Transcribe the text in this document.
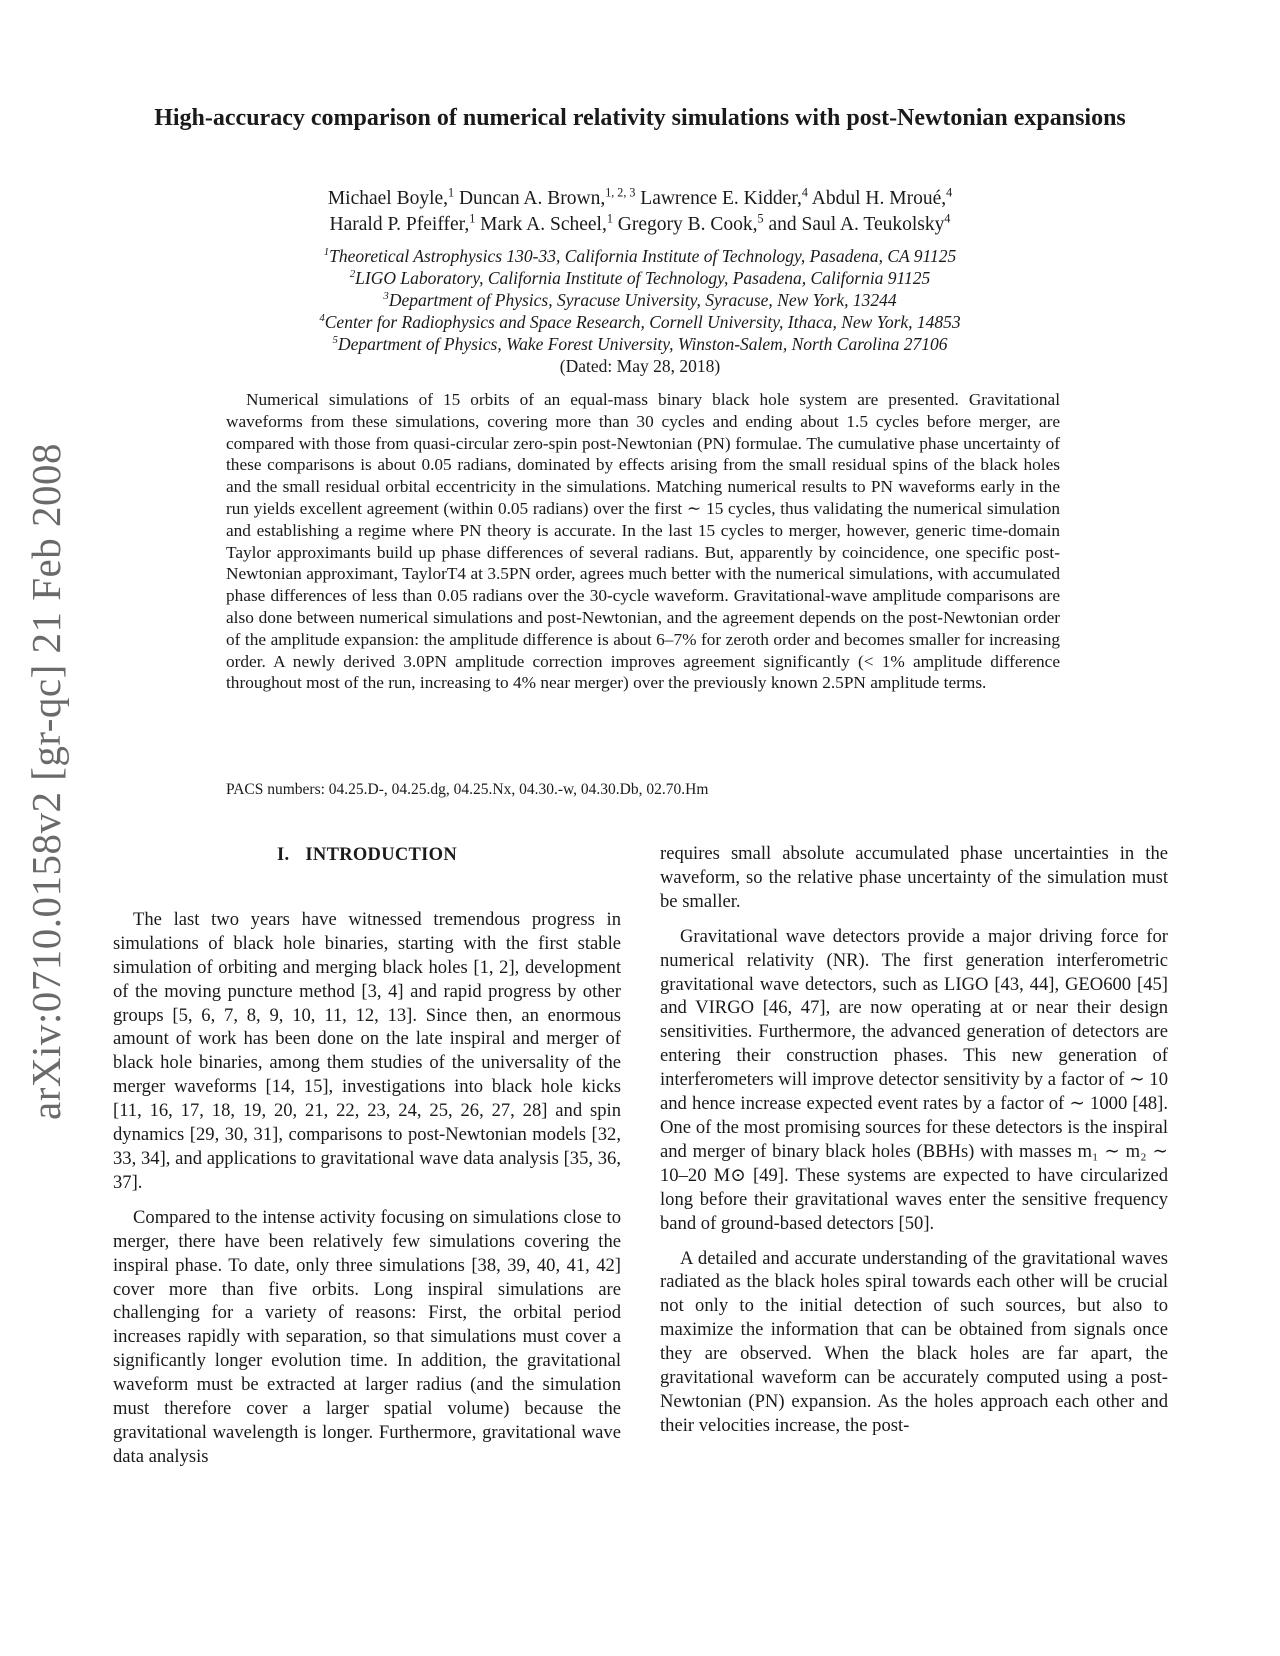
arXiv:0710.0158v2 [gr-qc] 21 Feb 2008
High-accuracy comparison of numerical relativity simulations with post-Newtonian expansions
Michael Boyle,$^1$ Duncan A. Brown,$^{1, 2, 3}$ Lawrence E. Kidder,$^4$ Abdul H. Mroué,$^4$
Harald P. Pfeiffer,$^1$ Mark A. Scheel,$^1$ Gregory B. Cook,$^5$ and Saul A. Teukolsky$^4$
$^1$Theoretical Astrophysics 130-33, California Institute of Technology, Pasadena, CA 91125
$^2$LIGO Laboratory, California Institute of Technology, Pasadena, California 91125
$^3$Department of Physics, Syracuse University, Syracuse, New York, 13244
$^4$Center for Radiophysics and Space Research, Cornell University, Ithaca, New York, 14853
$^5$Department of Physics, Wake Forest University, Winston-Salem, North Carolina 27106
(Dated: May 28, 2018)

Numerical simulations of 15 orbits of an equal-mass binary black hole system are presented. Gravitational waveforms from these simulations, covering more than 30 cycles and ending about 1.5 cycles before merger, are compared with those from quasi-circular zero-spin post-Newtonian (PN) formulae. The cumulative phase uncertainty of these comparisons is about 0.05 radians, dominated by effects arising from the small residual spins of the black holes and the small residual orbital eccentricity in the simulations. Matching numerical results to PN waveforms early in the run yields excellent agreement (within 0.05 radians) over the first ∼ 15 cycles, thus validating the numerical simulation and establishing a regime where PN theory is accurate. In the last 15 cycles to merger, however, generic time-domain Taylor approximants build up phase differences of several radians. But, apparently by coincidence, one specific post-Newtonian approximant, TaylorT4 at 3.5PN order, agrees much better with the numerical simulations, with accumulated phase differences of less than 0.05 radians over the 30-cycle waveform. Gravitational-wave amplitude comparisons are also done between numerical simulations and post-Newtonian, and the agreement depends on the post-Newtonian order of the amplitude expansion: the amplitude difference is about 6–7% for zeroth order and becomes smaller for increasing order. A newly derived 3.0PN amplitude correction improves agreement significantly (< 1% amplitude difference throughout most of the run, increasing to 4% near merger) over the previously known 2.5PN amplitude terms.

PACS numbers: 04.25.D-, 04.25.dg, 04.25.Nx, 04.30.-w, 04.30.Db, 02.70.Hm
I. INTRODUCTION

The last two years have witnessed tremendous progress in simulations of black hole binaries, starting with the first stable simulation of orbiting and merging black holes [1, 2], development of the moving puncture method [3, 4] and rapid progress by other groups [5, 6, 7, 8, 9, 10, 11, 12, 13]. Since then, an enormous amount of work has been done on the late inspiral and merger of black hole binaries, among them studies of the universality of the merger waveforms [14, 15], investigations into black hole kicks [11, 16, 17, 18, 19, 20, 21, 22, 23, 24, 25, 26, 27, 28] and spin dynamics [29, 30, 31], comparisons to post-Newtonian models [32, 33, 34], and applications to gravitational wave data analysis [35, 36, 37].

Compared to the intense activity focusing on simulations close to merger, there have been relatively few simulations covering the inspiral phase. To date, only three simulations [38, 39, 40, 41, 42] cover more than five orbits. Long inspiral simulations are challenging for a variety of reasons: First, the orbital period increases rapidly with separation, so that simulations must cover a significantly longer evolution time. In addition, the gravitational waveform must be extracted at larger radius (and the simulation must therefore cover a larger spatial volume) because the gravitational wavelength is longer. Furthermore, gravitational wave data analysis

requires small absolute accumulated phase uncertainties in the waveform, so the relative phase uncertainty of the simulation must be smaller.

Gravitational wave detectors provide a major driving force for numerical relativity (NR). The first generation interferometric gravitational wave detectors, such as LIGO [43, 44], GEO600 [45] and VIRGO [46, 47], are now operating at or near their design sensitivities. Furthermore, the advanced generation of detectors are entering their construction phases. This new generation of interferometers will improve detector sensitivity by a factor of ∼ 10 and hence increase expected event rates by a factor of ∼ 1000 [48]. One of the most promising sources for these detectors is the inspiral and merger of binary black holes (BBHs) with masses m₁ ∼ m₂ ∼ 10–20 M⊙ [49]. These systems are expected to have circularized long before their gravitational waves enter the sensitive frequency band of ground-based detectors [50].

A detailed and accurate understanding of the gravitational waves radiated as the black holes spiral towards each other will be crucial not only to the initial detection of such sources, but also to maximize the information that can be obtained from signals once they are observed. When the black holes are far apart, the gravitational waveform can be accurately computed using a post-Newtonian (PN) expansion. As the holes approach each other and their velocities increase, the post-
